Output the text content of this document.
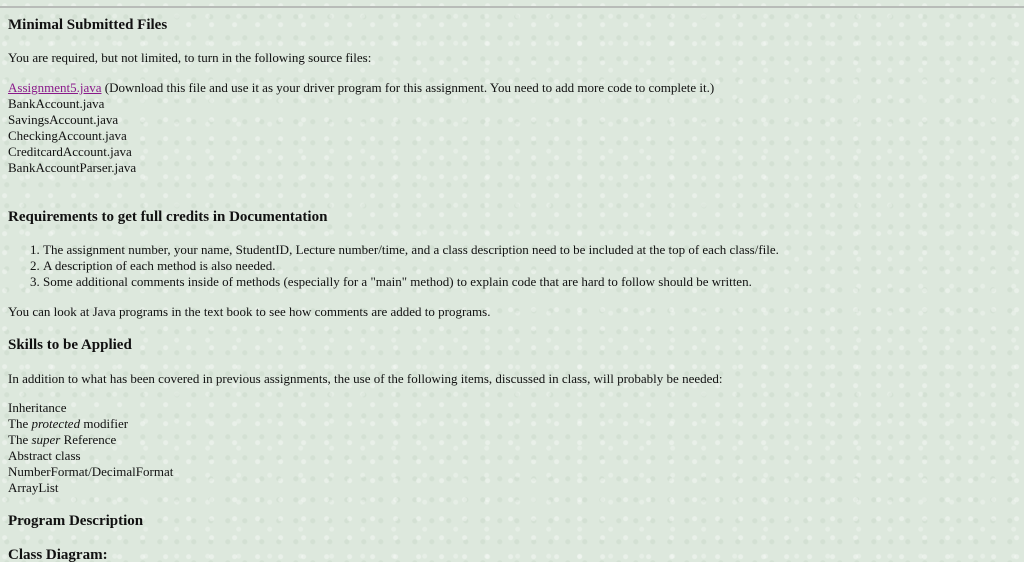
Minimal Submitted Files

You are required, but not limited, to turn in the following source files:

Assignment5.java (Download this file and use it as your driver program for this assignment. You need to add more code to complete it.)
BankAccount.java
SavingsAccount.java
CheckingAccount.java
CreditcardAccount.java
BankAccountParser.java
Requirements to get full credits in Documentation
1. The assignment number, your name, StudentID, Lecture number/time, and a class description need to be included at the top of each class/file.
2. A description of each method is also needed.
3. Some additional comments inside of methods (especially for a "main" method) to explain code that are hard to follow should be written.

You can look at Java programs in the text book to see how comments are added to programs.

Skills to be Applied

In addition to what has been covered in previous assignments, the use of the following items, discussed in class, will probably be needed:

Inheritance
The protected modifier
The super Reference
Abstract class
NumberFormat/DecimalFormat
ArrayList
Program Description
Class Diagram:
